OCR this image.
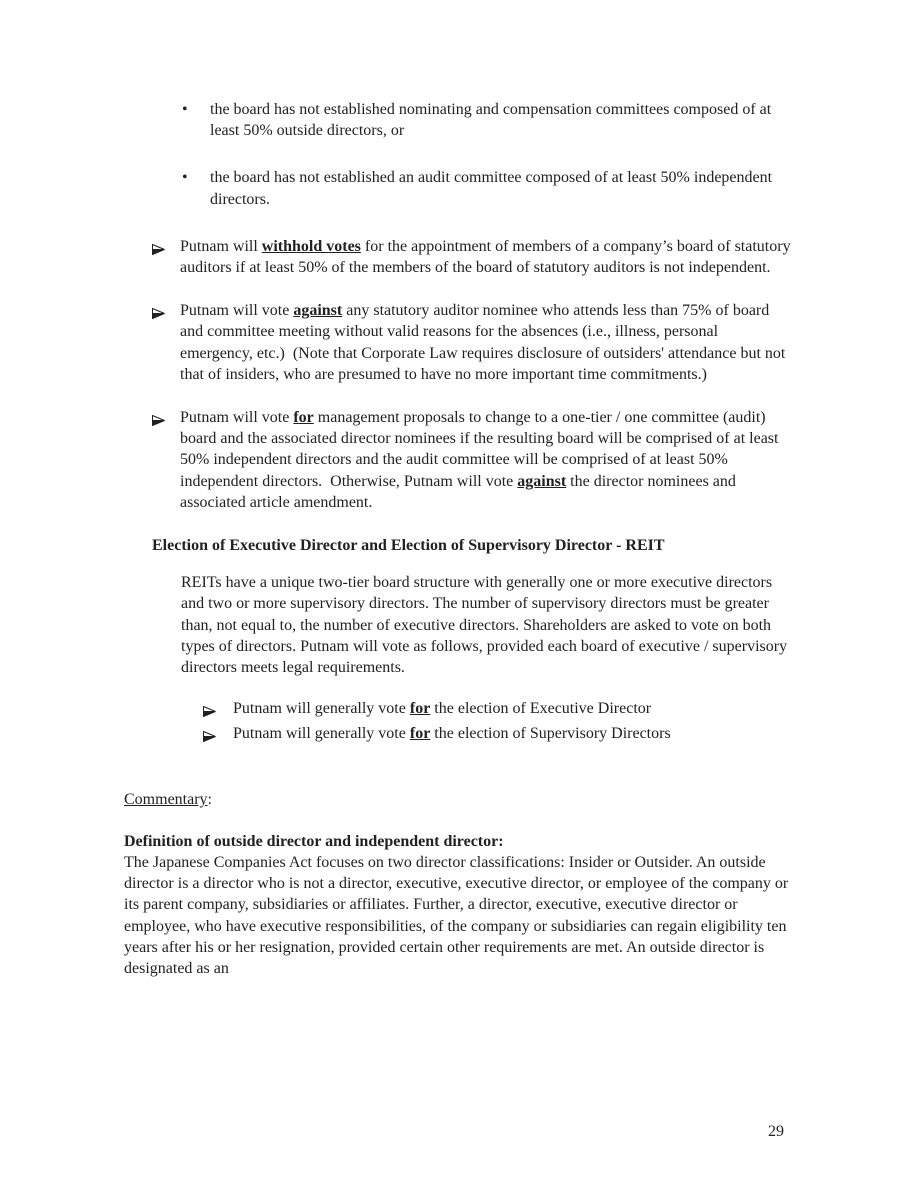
•	the board has not established nominating and compensation committees composed of at least 50% outside directors, or
•	the board has not established an audit committee composed of at least 50% independent directors.
Putnam will withhold votes for the appointment of members of a company’s board of statutory auditors if at least 50% of the members of the board of statutory auditors is not independent.
Putnam will vote against any statutory auditor nominee who attends less than 75% of board and committee meeting without valid reasons for the absences (i.e., illness, personal emergency, etc.)  (Note that Corporate Law requires disclosure of outsiders' attendance but not that of insiders, who are presumed to have no more important time commitments.)
Putnam will vote for management proposals to change to a one-tier / one committee (audit) board and the associated director nominees if the resulting board will be comprised of at least 50% independent directors and the audit committee will be comprised of at least 50% independent directors.  Otherwise, Putnam will vote against the director nominees and associated article amendment.
Election of Executive Director and Election of Supervisory Director - REIT

REITs have a unique two-tier board structure with generally one or more executive directors and two or more supervisory directors. The number of supervisory directors must be greater than, not equal to, the number of executive directors. Shareholders are asked to vote on both types of directors. Putnam will vote as follows, provided each board of executive / supervisory directors meets legal requirements.

Putnam will generally vote for the election of Executive Director
Putnam will generally vote for the election of Supervisory Directors

Commentary:

Definition of outside director and independent director:

The Japanese Companies Act focuses on two director classifications: Insider or Outsider. An outside director is a director who is not a director, executive, executive director, or employee of the company or its parent company, subsidiaries or affiliates. Further, a director, executive, executive director or employee, who have executive responsibilities, of the company or subsidiaries can regain eligibility ten years after his or her resignation, provided certain other requirements are met. An outside director is designated as an

29
